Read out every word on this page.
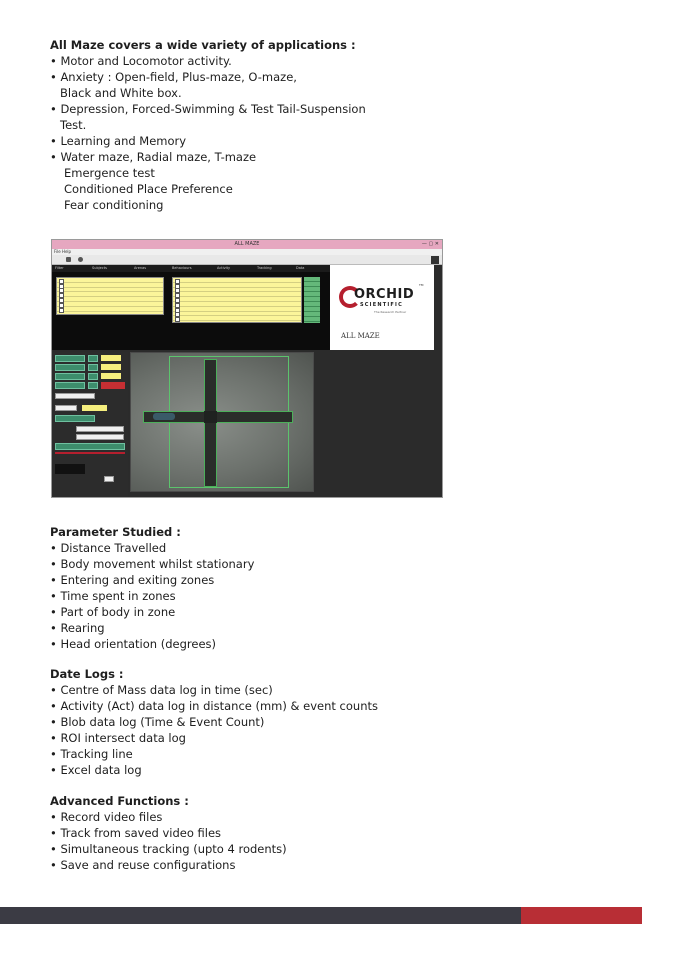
All Maze covers a wide variety of applications :
• Motor and Locomotor activity.
• Anxiety : Open-field, Plus-maze, O-maze,
Black and White box.
• Depression, Forced-Swimming & Test Tail-Suspension
Test.
• Learning and Memory
• Water maze, Radial maze, T-maze
Emergence test
Conditioned Place Preference
Fear conditioning
ALL MAZE	— ▢ ✕
File Help
Filter	Subjects	Arenas	Behaviours	Activity	Tracking	Data
ORCHID
TM
SCIENTIFIC
The Research Partner
ALL MAZE
Parameter Studied :
• Distance Travelled
• Body movement whilst stationary
• Entering and exiting zones
• Time spent in zones
• Part of body in zone
• Rearing
• Head orientation (degrees)
Date Logs :
• Centre of Mass data log in time (sec)
• Activity (Act) data log in distance (mm) & event counts
• Blob data log (Time & Event Count)
• ROI intersect data log
• Tracking line
• Excel data log
Advanced Functions :
• Record video files
• Track from saved video files
• Simultaneous tracking (upto 4 rodents)
• Save and reuse configurations
